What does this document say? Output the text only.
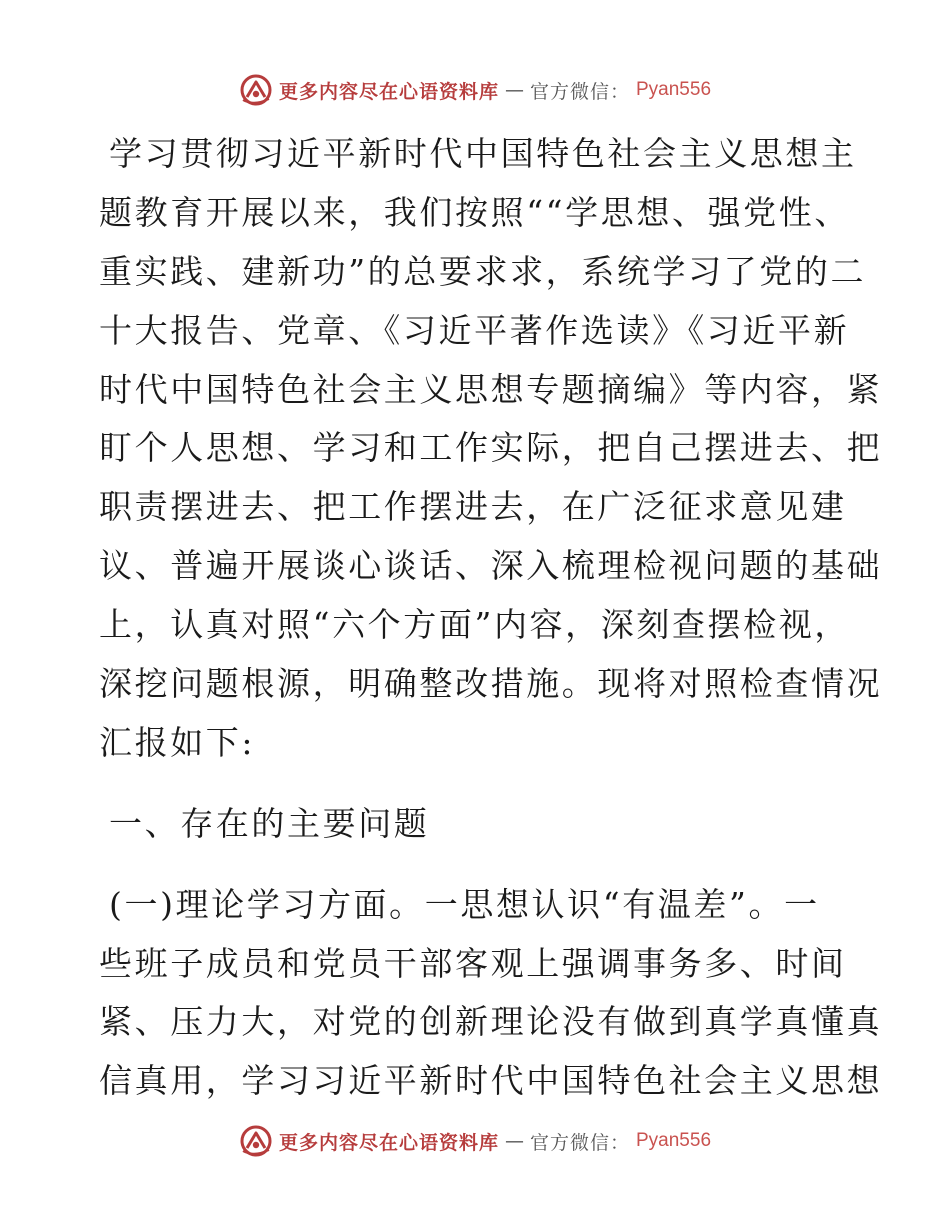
更多内容尽在心语资料库 — 官方微信： Pyan556
学习贯彻习近平新时代中国特色社会主义思想主
题教育开展以来，我们按照““学思想、强党性、
重实践、建新功”的总要求求，系统学习了党的二
十大报告、党章、《习近平著作选读》《习近平新
时代中国特色社会主义思想专题摘编》等内容，紧
盯个人思想、学习和工作实际，把自己摆进去、把
职责摆进去、把工作摆进去，在广泛征求意见建
议、普遍开展谈心谈话、深入梳理检视问题的基础
上，认真对照“六个方面”内容，深刻查摆检视，
深挖问题根源，明确整改措施。现将对照检查情况
汇报如下:
一、存在的主要问题
(一)理论学习方面。一思想认识“有温差”。一
些班子成员和党员干部客观上强调事务多、时间
紧、压力大，对党的创新理论没有做到真学真懂真
信真用，学习习近平新时代中国特色社会主义思想
更多内容尽在心语资料库 — 官方微信： Pyan556
